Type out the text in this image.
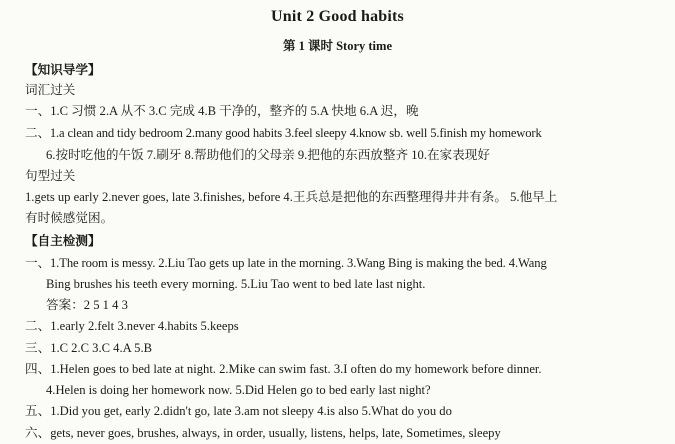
Unit 2 Good habits
第 1 课时 Story time
【知识导学】
词汇过关
一、1.C 习惯 2.A 从不 3.C 完成 4.B 干净的，整齐的 5.A 快地 6.A 迟，晚
二、1.a clean and tidy bedroom 2.many good habits 3.feel sleepy 4.know sb. well 5.finish my homework
6.按时吃他的午饭 7.刷牙 8.帮助他们的父母亲 9.把他的东西放整齐 10.在家表现好
句型过关
1.gets up early 2.never goes, late 3.finishes, before 4.王兵总是把他的东西整理得井井有条。 5.他早上
有时候感觉困。
【自主检测】
一、1.The room is messy. 2.Liu Tao gets up late in the morning. 3.Wang Bing is making the bed. 4.Wang
Bing brushes his teeth every morning. 5.Liu Tao went to bed late last night.
答案：2 5 1 4 3
二、1.early 2.felt 3.never 4.habits 5.keeps
三、1.C 2.C 3.C 4.A 5.B
四、1.Helen goes to bed late at night. 2.Mike can swim fast. 3.I often do my homework before dinner.
4.Helen is doing her homework now. 5.Did Helen go to bed early last night?
五、1.Did you get, early 2.didn't go, late 3.am not sleepy 4.is also 5.What do you do
六、gets, never goes, brushes, always, in order, usually, listens, helps, late, Sometimes, sleepy
